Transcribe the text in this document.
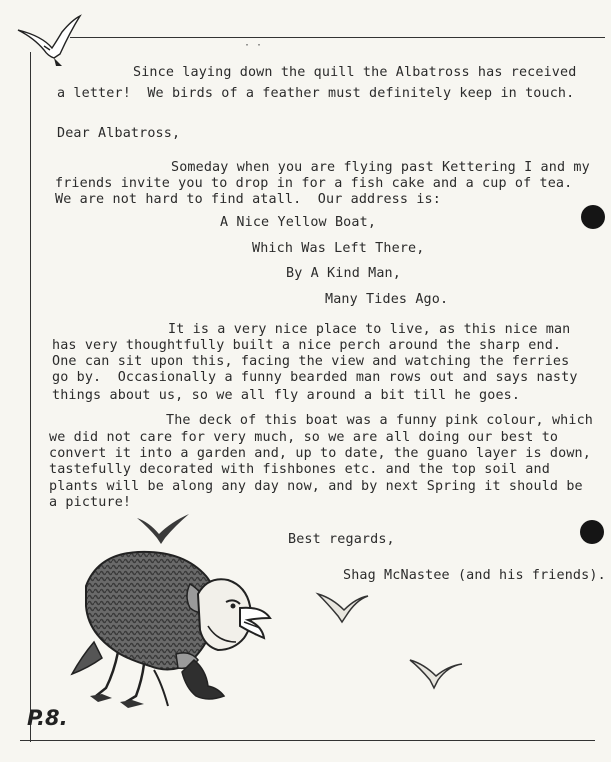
· ·
Since laying down the quill the Albatross has received
a letter!  We birds of a feather must definitely keep in touch.
Dear Albatross,
Someday when you are flying past Kettering I and my
friends invite you to drop in for a fish cake and a cup of tea.
We are not hard to find atall.  Our address is:
A Nice Yellow Boat,
Which Was Left There,
By A Kind Man,
Many Tides Ago.
It is a very nice place to live, as this nice man
has very thoughtfully built a nice perch around the sharp end.
One can sit upon this, facing the view and watching the ferries
go by.  Occasionally a funny bearded man rows out and says nasty
things about us, so we all fly around a bit till he goes.
The deck of this boat was a funny pink colour, which
we did not care for very much, so we are all doing our best to
convert it into a garden and, up to date, the guano layer is down,
tastefully decorated with fishbones etc. and the top soil and
plants will be along any day now, and by next Spring it should be
a picture!
Best regards,
Shag McNastee (and his friends).
P.8.
